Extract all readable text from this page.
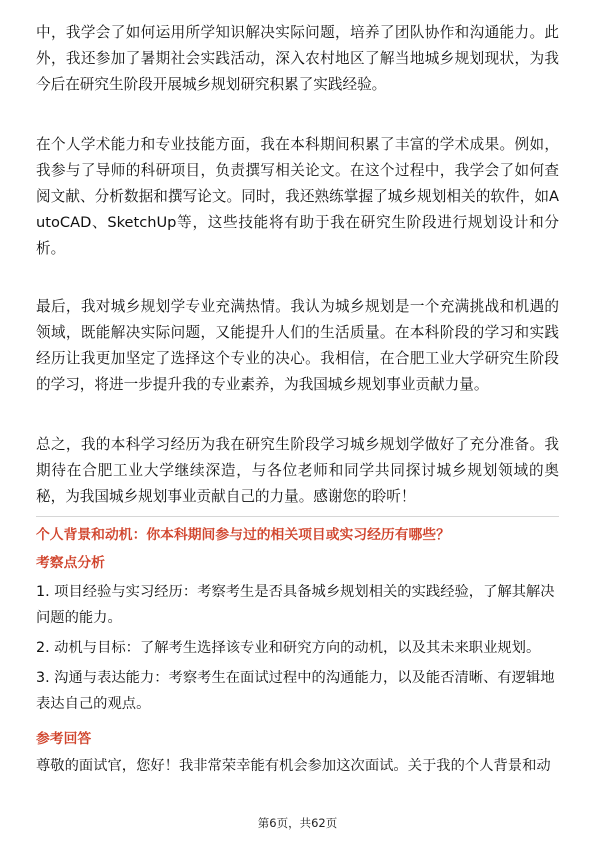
中，我学会了如何运用所学知识解决实际问题，培养了团队协作和沟通能力。此外，我还参加了暑期社会实践活动，深入农村地区了解当地城乡规划现状，为我今后在研究生阶段开展城乡规划研究积累了实践经验。

在个人学术能力和专业技能方面，我在本科期间积累了丰富的学术成果。例如，我参与了导师的科研项目，负责撰写相关论文。在这个过程中，我学会了如何查阅文献、分析数据和撰写论文。同时，我还熟练掌握了城乡规划相关的软件，如AutoCAD、SketchUp等，这些技能将有助于我在研究生阶段进行规划设计和分析。

最后，我对城乡规划学专业充满热情。我认为城乡规划是一个充满挑战和机遇的领域，既能解决实际问题，又能提升人们的生活质量。在本科阶段的学习和实践经历让我更加坚定了选择这个专业的决心。我相信，在合肥工业大学研究生阶段的学习，将进一步提升我的专业素养，为我国城乡规划事业贡献力量。

总之，我的本科学习经历为我在研究生阶段学习城乡规划学做好了充分准备。我期待在合肥工业大学继续深造，与各位老师和同学共同探讨城乡规划领域的奥秘，为我国城乡规划事业贡献自己的力量。感谢您的聆听！

个人背景和动机：你本科期间参与过的相关项目或实习经历有哪些？

考察点分析

1. 项目经验与实习经历：考察考生是否具备城乡规划相关的实践经验，了解其解决问题的能力。

2. 动机与目标：了解考生选择该专业和研究方向的动机，以及其未来职业规划。

3. 沟通与表达能力：考察考生在面试过程中的沟通能力，以及能否清晰、有逻辑地表达自己的观点。

参考回答

尊敬的面试官，您好！我非常荣幸能有机会参加这次面试。关于我的个人背景和动

第6页，共62页
